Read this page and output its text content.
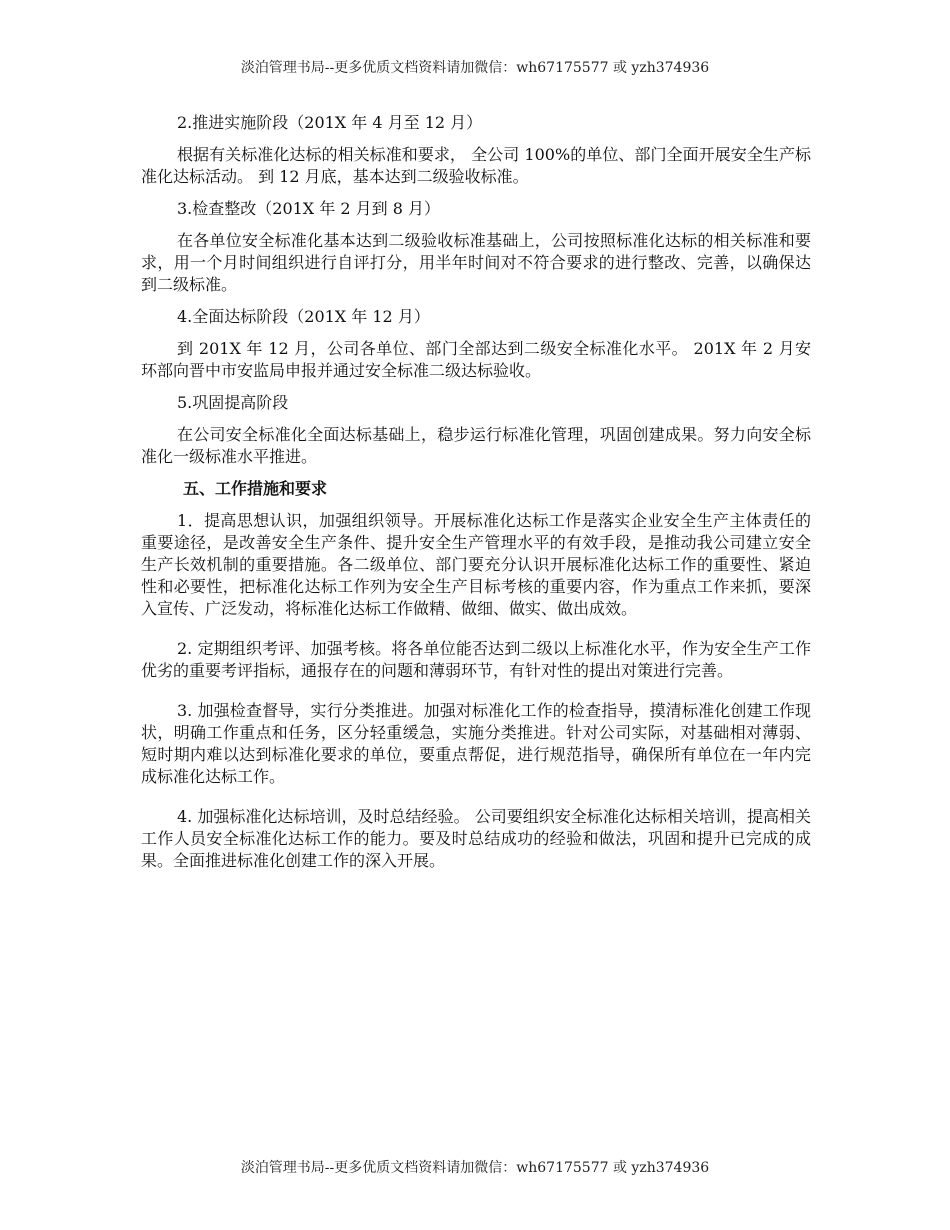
淡泊管理书局--更多优质文档资料请加微信：wh67175577 或 yzh374936
2.推进实施阶段（201X 年 4 月至 12 月）
根据有关标准化达标的相关标准和要求， 全公司 100%的单位、部门全面开展安全生产标准化达标活动。 到 12 月底，基本达到二级验收标准。
3.检查整改（201X 年 2 月到 8 月）
在各单位安全标准化基本达到二级验收标准基础上，公司按照标准化达标的相关标准和要求，用一个月时间组织进行自评打分，用半年时间对不符合要求的进行整改、完善，以确保达到二级标准。
4.全面达标阶段（201X 年 12 月）
到 201X 年 12 月，公司各单位、部门全部达到二级安全标准化水平。 201X 年 2 月安环部向晋中市安监局申报并通过安全标准二级达标验收。
5.巩固提高阶段
在公司安全标准化全面达标基础上，稳步运行标准化管理，巩固创建成果。努力向安全标准化一级标准水平推进。
五、工作措施和要求
1．提高思想认识，加强组织领导。开展标准化达标工作是落实企业安全生产主体责任的重要途径，是改善安全生产条件、提升安全生产管理水平的有效手段，是推动我公司建立安全生产长效机制的重要措施。各二级单位、部门要充分认识开展标准化达标工作的重要性、紧迫性和必要性，把标准化达标工作列为安全生产目标考核的重要内容，作为重点工作来抓，要深入宣传、广泛发动，将标准化达标工作做精、做细、做实、做出成效。
2. 定期组织考评、加强考核。将各单位能否达到二级以上标准化水平，作为安全生产工作优劣的重要考评指标，通报存在的问题和薄弱环节，有针对性的提出对策进行完善。
3. 加强检查督导，实行分类推进。加强对标准化工作的检查指导，摸清标准化创建工作现状，明确工作重点和任务，区分轻重缓急，实施分类推进。针对公司实际，对基础相对薄弱、短时期内难以达到标准化要求的单位，要重点帮促，进行规范指导，确保所有单位在一年内完成标准化达标工作。
4. 加强标准化达标培训，及时总结经验。 公司要组织安全标准化达标相关培训，提高相关工作人员安全标准化达标工作的能力。要及时总结成功的经验和做法，巩固和提升已完成的成果。全面推进标准化创建工作的深入开展。
淡泊管理书局--更多优质文档资料请加微信：wh67175577 或 yzh374936
